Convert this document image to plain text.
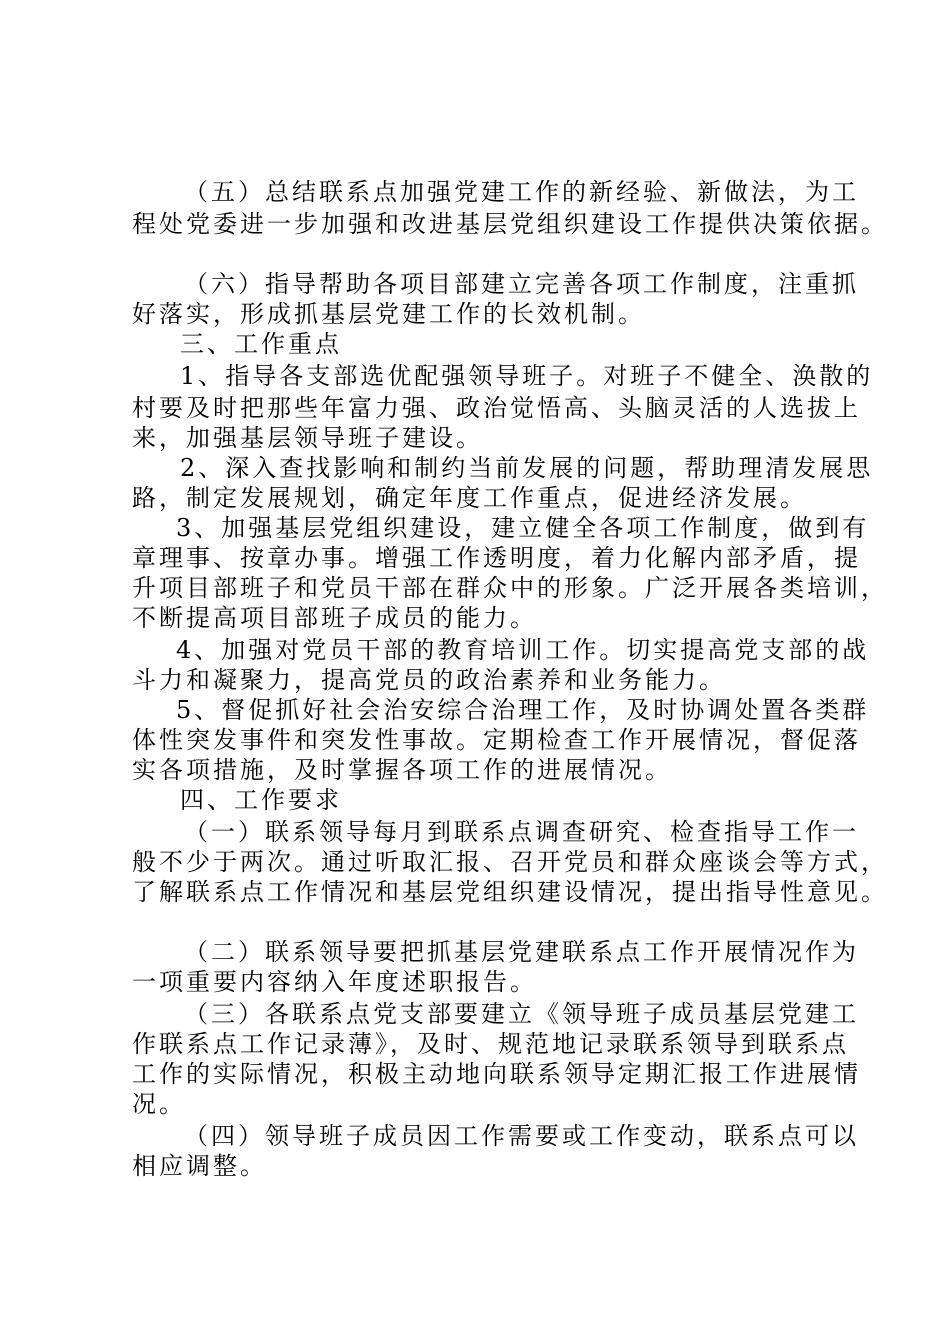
（五）总结联系点加强党建工作的新经验、新做法，为工
程处党委进一步加强和改进基层党组织建设工作提供决策依据。
（六）指导帮助各项目部建立完善各项工作制度，注重抓
好落实，形成抓基层党建工作的长效机制。
三、工作重点
1、指导各支部选优配强领导班子。对班子不健全、涣散的
村要及时把那些年富力强、政治觉悟高、头脑灵活的人选拔上
来，加强基层领导班子建设。
2、深入查找影响和制约当前发展的问题，帮助理清发展思
路，制定发展规划，确定年度工作重点，促进经济发展。
3、加强基层党组织建设，建立健全各项工作制度，做到有
章理事、按章办事。增强工作透明度，着力化解内部矛盾，提
升项目部班子和党员干部在群众中的形象。广泛开展各类培训，
不断提高项目部班子成员的能力。
4、加强对党员干部的教育培训工作。切实提高党支部的战
斗力和凝聚力，提高党员的政治素养和业务能力。
5、督促抓好社会治安综合治理工作，及时协调处置各类群
体性突发事件和突发性事故。定期检查工作开展情况，督促落
实各项措施，及时掌握各项工作的进展情况。
四、工作要求
（一）联系领导每月到联系点调查研究、检查指导工作一
般不少于两次。通过听取汇报、召开党员和群众座谈会等方式，
了解联系点工作情况和基层党组织建设情况，提出指导性意见。
（二）联系领导要把抓基层党建联系点工作开展情况作为
一项重要内容纳入年度述职报告。
（三）各联系点党支部要建立《领导班子成员基层党建工
作联系点工作记录薄》，及时、规范地记录联系领导到联系点
工作的实际情况，积极主动地向联系领导定期汇报工作进展情
况。
（四）领导班子成员因工作需要或工作变动，联系点可以
相应调整。
